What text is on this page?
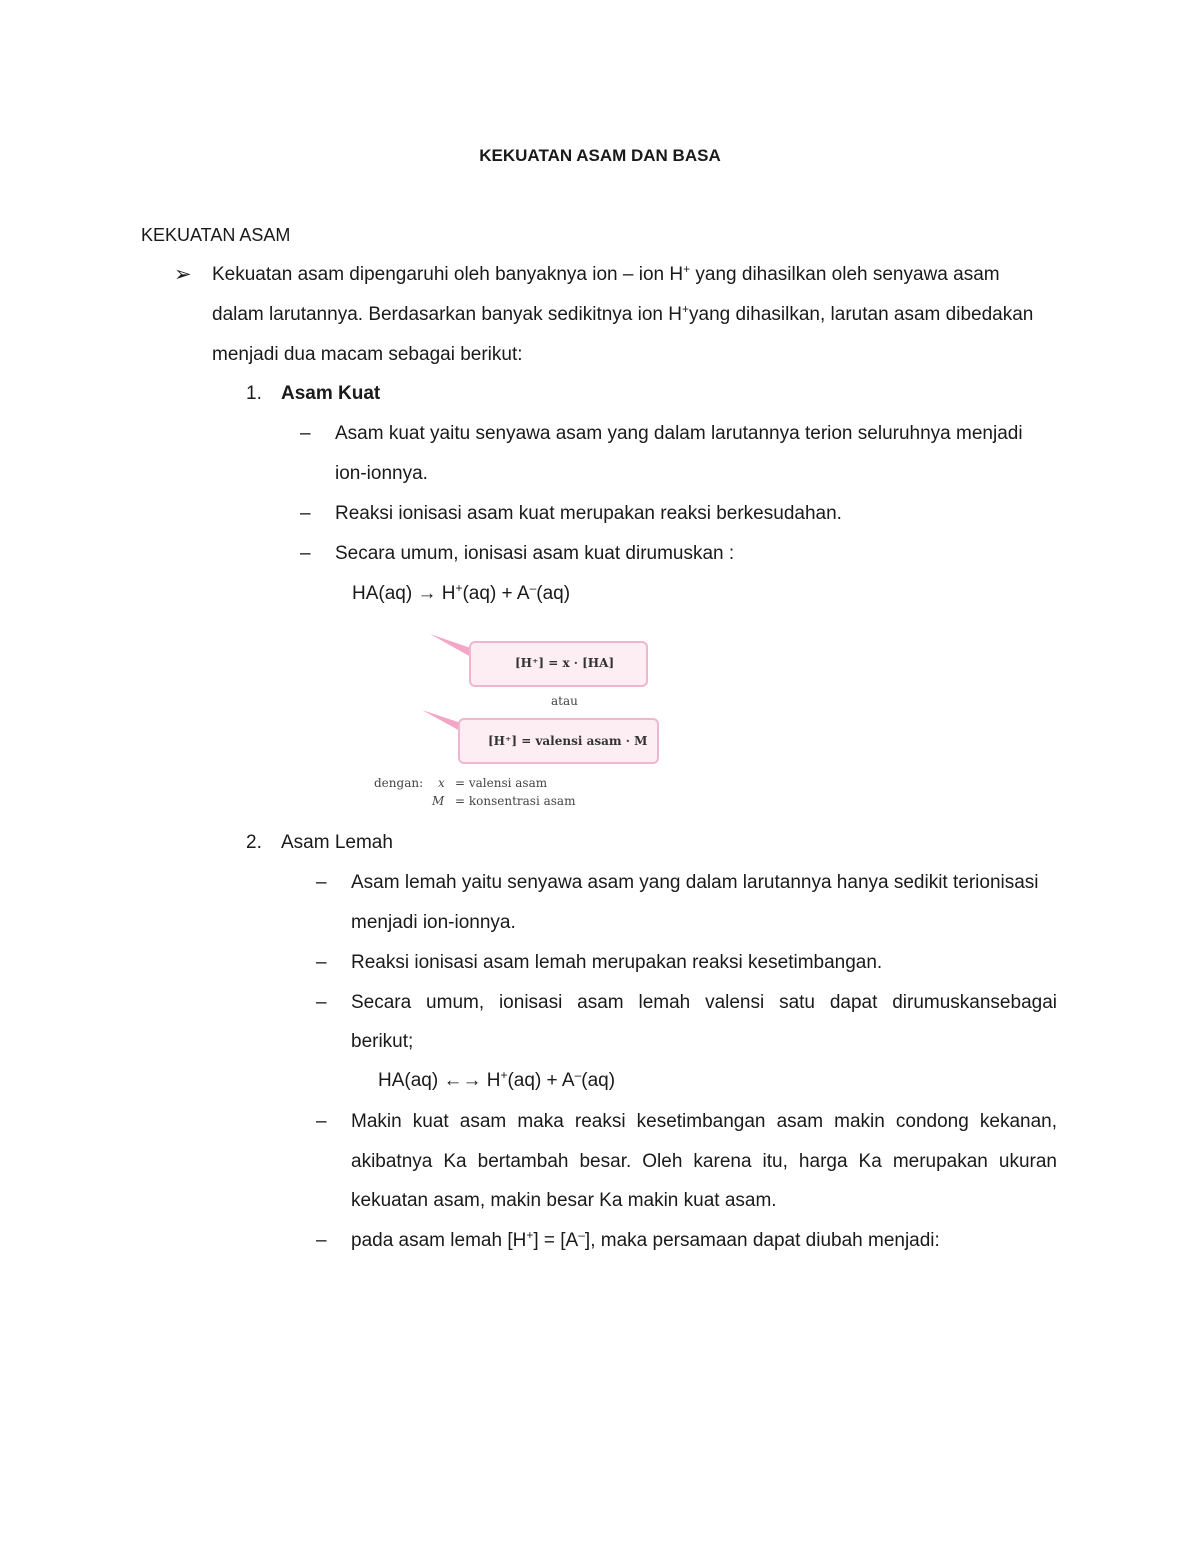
KEKUATAN ASAM DAN BASA
KEKUATAN ASAM
➢ Kekuatan asam dipengaruhi oleh banyaknya ion – ion H+ yang dihasilkan oleh senyawa asam
dalam larutannya. Berdasarkan banyak sedikitnya ion H+yang dihasilkan, larutan asam dibedakan
menjadi dua macam sebagai berikut:
1. Asam Kuat
– Asam kuat yaitu senyawa asam yang dalam larutannya terion seluruhnya menjadi
ion-ionnya.
– Reaksi ionisasi asam kuat merupakan reaksi berkesudahan.
– Secara umum, ionisasi asam kuat dirumuskan :
HA(aq) → H+(aq) + A–(aq)
[H⁺] = x · [HA]
atau
[H⁺] = valensi asam · M
dengan: x = valensi asam
M = konsentrasi asam
2. Asam Lemah
– Asam lemah yaitu senyawa asam yang dalam larutannya hanya sedikit terionisasi
menjadi ion-ionnya.
– Reaksi ionisasi asam lemah merupakan reaksi kesetimbangan.
– Secara umum, ionisasi asam lemah valensi satu dapat dirumuskansebagai
berikut;
HA(aq) ←→ H+(aq) + A–(aq)
– Makin kuat asam maka reaksi kesetimbangan asam makin condong kekanan,
akibatnya Ka bertambah besar. Oleh karena itu, harga Ka merupakan ukuran
kekuatan asam, makin besar Ka makin kuat asam.
– pada asam lemah [H+] = [A–], maka persamaan dapat diubah menjadi:
